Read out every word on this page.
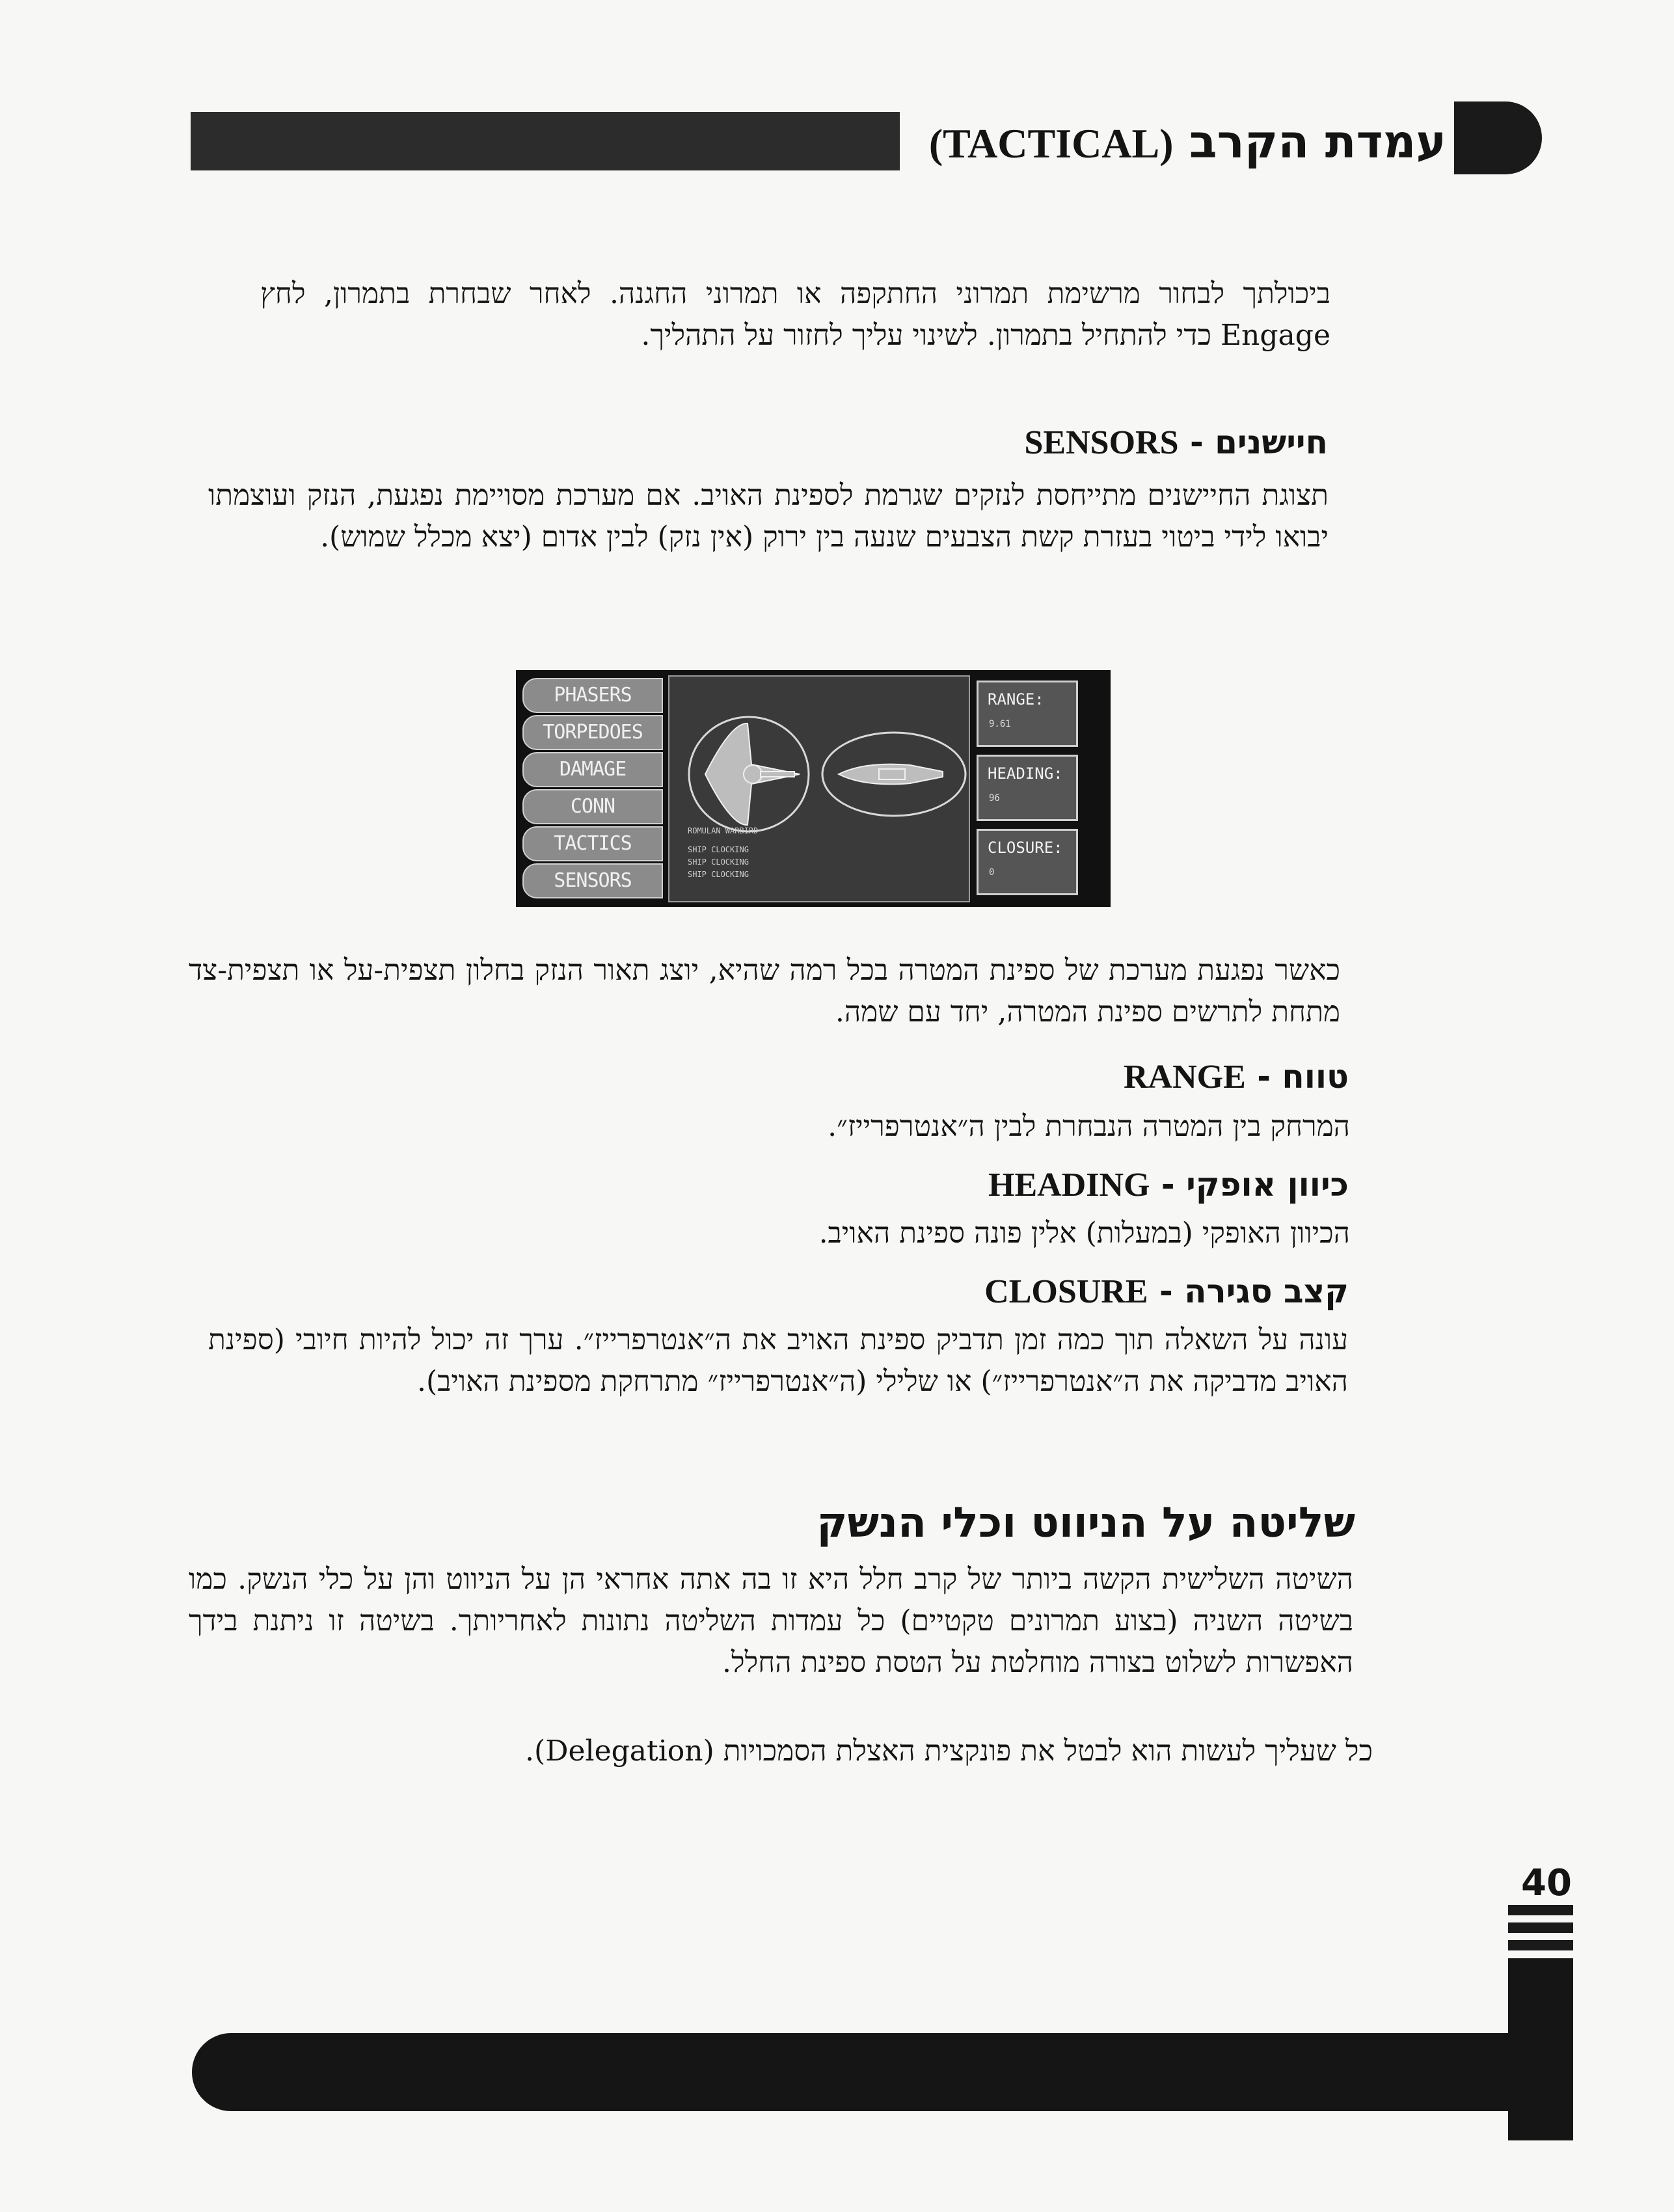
עמדת הקרב (TACTICAL)
ביכולתך לבחור מרשימת תמרוני החתקפה או תמרוני החגנה. לאחר שבחרת בתמרון, לחץ Engage כדי להתחיל בתמרון. לשינוי עליך לחזור על התהליך.
חיישנים - SENSORS
תצוגת החיישנים מתייחסת לנזקים שגרמת לספינת האויב. אם מערכת מסויימת נפגעת, הנזק ועוצמתו יבואו לידי ביטוי בעזרת קשת הצבעים שנעה בין ירוק (אין נזק) לבין אדום (יצא מכלל שמוש).
PHASERS
TORPEDOES
DAMAGE
CONN
TACTICS
SENSORS
ROMULAN WARBIRD
SHIP CLOCKING
SHIP CLOCKING
SHIP CLOCKING
RANGE:
9.61
HEADING:
96
CLOSURE:
0
כאשר נפגעת מערכת של ספינת המטרה בכל רמה שהיא, יוצג תאור הנזק בחלון תצפית-על או תצפית-צד מתחת לתרשים ספינת המטרה, יחד עם שמה.
טווח - RANGE
המרחק בין המטרה הנבחרת לבין ה״אנטרפרייז״.
כיוון אופקי - HEADING
הכיוון האופקי (במעלות) אלין פונה ספינת האויב.
קצב סגירה - CLOSURE
עונה על השאלה תוך כמה זמן תדביק ספינת האויב את ה״אנטרפרייז״. ערך זה יכול להיות חיובי (ספינת האויב מדביקה את ה״אנטרפרייז״) או שלילי (ה״אנטרפרייז״ מתרחקת מספינת האויב).
שליטה על הניווט וכלי הנשק
השיטה השלישית הקשה ביותר של קרב חלל היא זו בה אתה אחראי הן על הניווט והן על כלי הנשק. כמו בשיטה השניה (בצוע תמרונים טקטיים) כל עמדות השליטה נתונות לאחריותך. בשיטה זו ניתנת בידך האפשרות לשלוט בצורה מוחלטת על הטסת ספינת החלל.
כל שעליך לעשות הוא לבטל את פונקצית האצלת הסמכויות (Delegation).
40
